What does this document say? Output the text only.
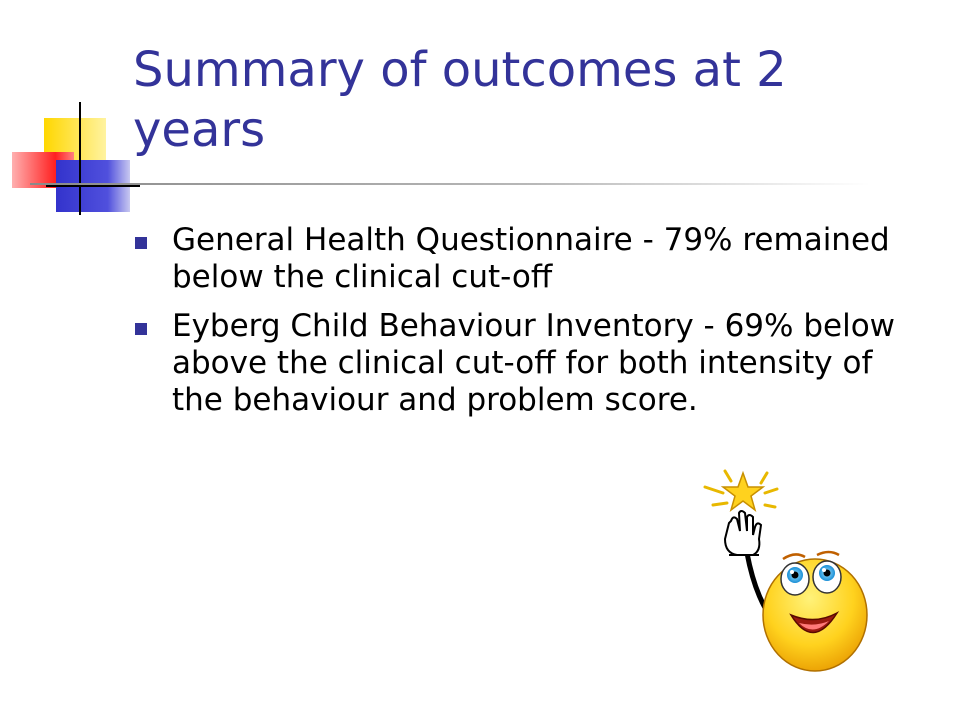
Summary of outcomes at 2 years
General Health Questionnaire - 79% remained below the clinical cut-off
Eyberg Child Behaviour Inventory - 69% below above the clinical cut-off for both intensity of the behaviour and problem score.
